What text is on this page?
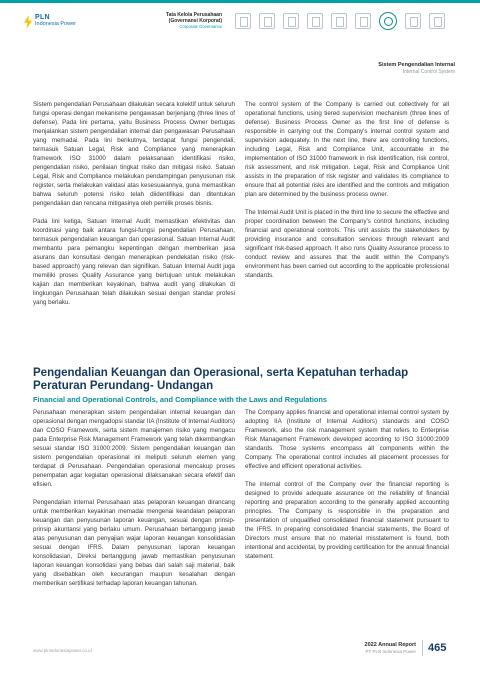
PLN
Indonesia Power
Tata Kelola Perusahaan
(Governansi Korporat)
Corporate Governance
Sistem Pengendalian Internal
Internal Control System

Sistem pengendalian Perusahaan dilakukan secara kolektif untuk seluruh fungsi operasi dengan mekanisme pengawasan berjenjang (three lines of defense). Pada lini pertama, yaitu Business Process Owner bertugas menjalankan sistem pengendalian internal dan pengawasan Perusahaan yang memadai. Pada lini berikutnya, terdapat fungsi pengendali, termasuk Satuan Legal, Risk and Compliance yang menerapkan framework ISO 31000 dalam pelaksanaan identifikasi risiko, pengendalian risiko, penilaian tingkat risiko dan mitigasi risiko. Satuan Legal, Risk and Compliance melakukan pendampingan penyusunan risk register, serta melakukan validasi atas kesesuaiannya, guna memastikan bahwa seluruh potensi risiko telah diidentifikasi dan ditentukan pengendalian dan rencana mitigasinya oleh pemilik proses bisnis.

Pada lini ketiga, Satuan Internal Audit memastikan efektivitas dan koordinasi yang baik antara fungsi-fungsi pengendalian Perusahaan, termasuk pengendalian keuangan dan operasional. Satuan Internal Audit membantu para pemangku kepentingan dengan memberikan jasa asurans dan konsultasi dengan menerapkan pendekatan risiko (risk-based approach) yang relevan dan signifikan. Satuan Internal Audit juga memiliki proses Quality Assurance yang bertujuan untuk melakukan kajian dan memberikan keyakinan, bahwa audit yang dilakukan di lingkungan Perusahaan telah dilakukan sesuai dengan standar profesi yang berlaku.

The control system of the Company is carried out collectively for all operational functions, using tiered supervision mechanism (three lines of defense). Business Process Owner as the first line of defense is responsible in carrying out the Company's internal control system and supervision adequately. In the next line, there are controlling functions, including Legal, Risk and Compliance Unit, accountable in the implementation of ISO 31000 framework in risk identification, risk control, risk assessment, and risk mitigation. Legal, Risk and Compliance Unit assists in the preparation of risk register and validates its compliance to ensure that all potential risks are identified and the controls and mitigation plan are determined by the business process owner.

The Internal Audit Unit is placed in the third line to secure the effective and proper coordination between the Company's control functions, including financial and operational controls. This unit assists the stakeholders by providing insurance and consultation services through relevant and significant risk-based approach. It also runs Quality Assurance process to conduct review and assures that the audit within the Company's environment has been carried out according to the applicable professional standards.

Pengendalian Keuangan dan Operasional, serta Kepatuhan terhadap Peraturan Perundang- Undangan
Financial and Operational Controls, and Compliance with the Laws and Regulations

Perusahaan menerapkan sistem pengendalian internal keuangan dan operasional dengan mengadopsi standar IIA (Institute of Internal Auditors) dan COSO Framework, serta sistem manajemen risiko yang mengacu pada Enterprise Risk Management Framework yang telah dikembangkan sesuai standar ISO 31000:2009. Sistem pengendalian keuangan dan sistem pengendalian operasional ini meliputi seluruh elemen yang terdapat di Perusahaan. Pengendalian operasional mencakup proses penempatan agar kegiatan operasional dilaksanakan secara efektif dan efisien.

Pengendalian internal Perusahaan atas pelaporan keuangan dirancang untuk memberikan keyakinan memadai mengenai keandalan pelaporan keuangan dan penyusunan laporan keuangan, sesuai dengan prinsip-prinsip akuntansi yang berlaku umum. Perusahaan bertanggung jawab atas penyusunan dan penyajian wajar laporan keuangan konsolidasian sesuai dengan IFRS. Dalam penyusunan laporan keuangan konsolidasian, Direksi bertanggung jawab memastikan penyusunan laporan keuangan konsolidasi yang bebas dari salah saji material, baik yang disebabkan oleh kecurangan maupun kesalahan dengan memberikan sertifikasi terhadap laporan keuangan tahunan.

The Company applies financial and operational internal control system by adopting IIA (Institute of Internal Auditors) standards and COSO Framework, also the risk management system that refers to Enterprise Risk Management Framework developed according to ISO 31000:2009 standards. Those systems encompass all components within the Company. The operational control includes all placement processes for effective and efficient operational activities.

The internal control of the Company over the financial reporting is designed to provide adequate assurance on the reliability of financial reporting and preparation according to the generally applied accounting principles. The Company is responsible in the preparation and presentation of unqualified consolidated financial statement pursuant to the IFRS. In preparing consolidated financial statements, the Board of Directors must ensure that no material misstatement is found, both intentional and accidental, by providing certification for the annual financial statement.

www.plnindonesiapower.co.id
2022 Annual Report
PT PLN Indonesia Power 465
